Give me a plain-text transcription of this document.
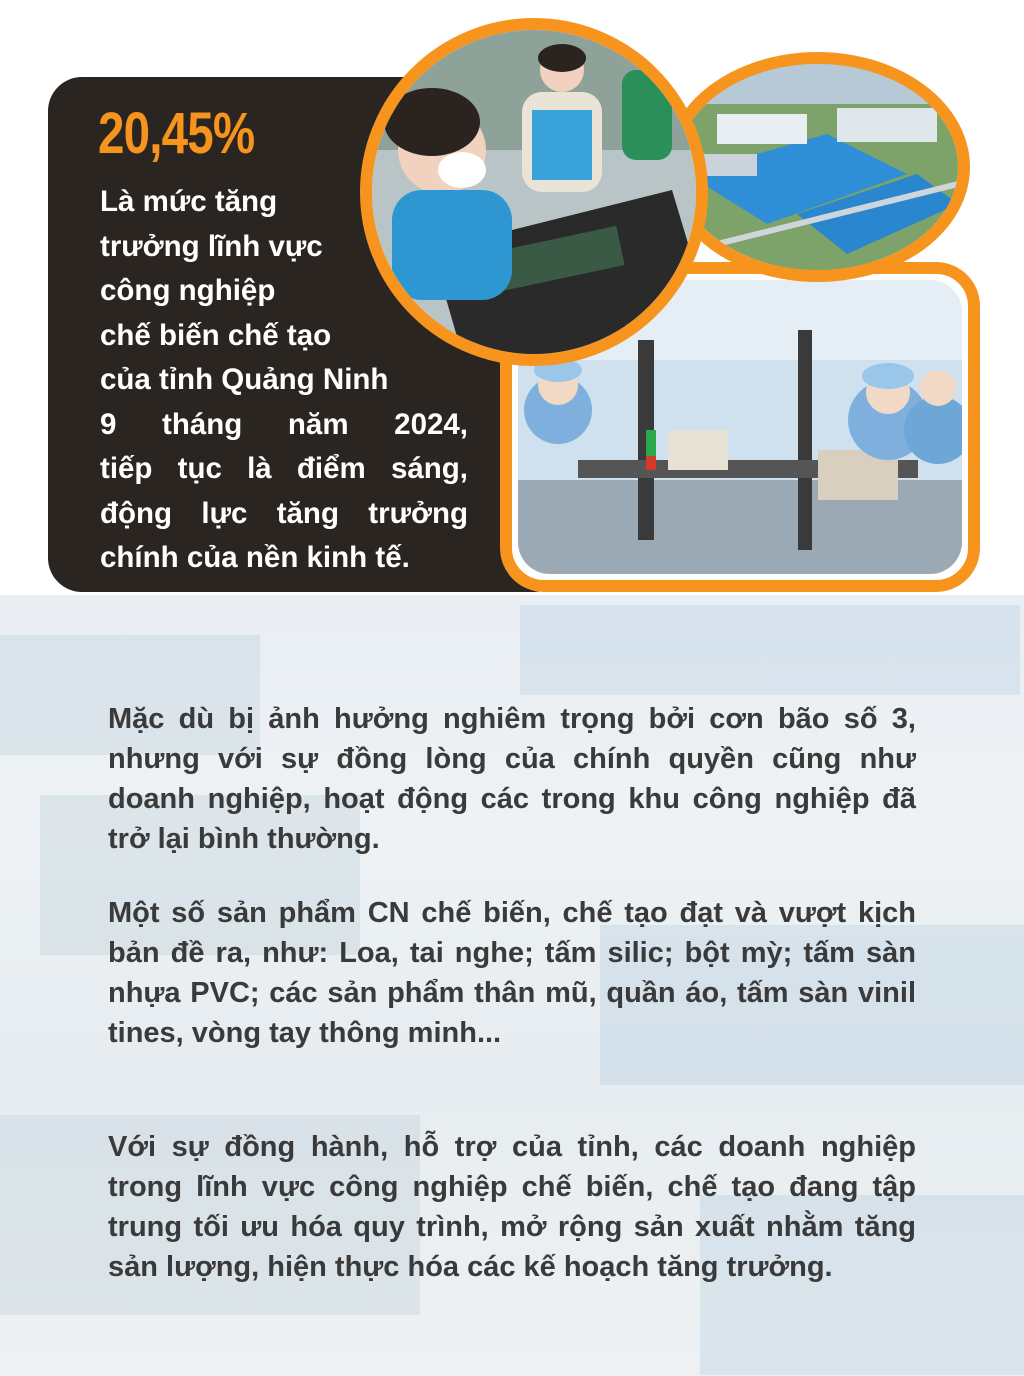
20,45%
Là mức tăng
trưởng lĩnh vực
công nghiệp
chế biến chế tạo
của tỉnh Quảng Ninh
9 tháng năm 2024,
tiếp tục là điểm sáng,
động lực tăng trưởng
chính của nền kinh tế.

Mặc dù bị ảnh hưởng nghiêm trọng bởi cơn bão số 3, nhưng với sự đồng lòng của chính quyền cũng như doanh nghiệp, hoạt động các trong khu công nghiệp đã trở lại bình thường.

Một số sản phẩm CN chế biến, chế tạo đạt và vượt kịch bản đề ra, như: Loa, tai nghe; tấm silic; bột mỳ; tấm sàn nhựa PVC; các sản phẩm thân mũ, quần áo, tấm sàn vinil tines, vòng tay thông minh...

Với sự đồng hành, hỗ trợ của tỉnh, các doanh nghiệp trong lĩnh vực công nghiệp chế biến, chế tạo đang tập trung tối ưu hóa quy trình, mở rộng sản xuất nhằm tăng sản lượng, hiện thực hóa các kế hoạch tăng trưởng.
